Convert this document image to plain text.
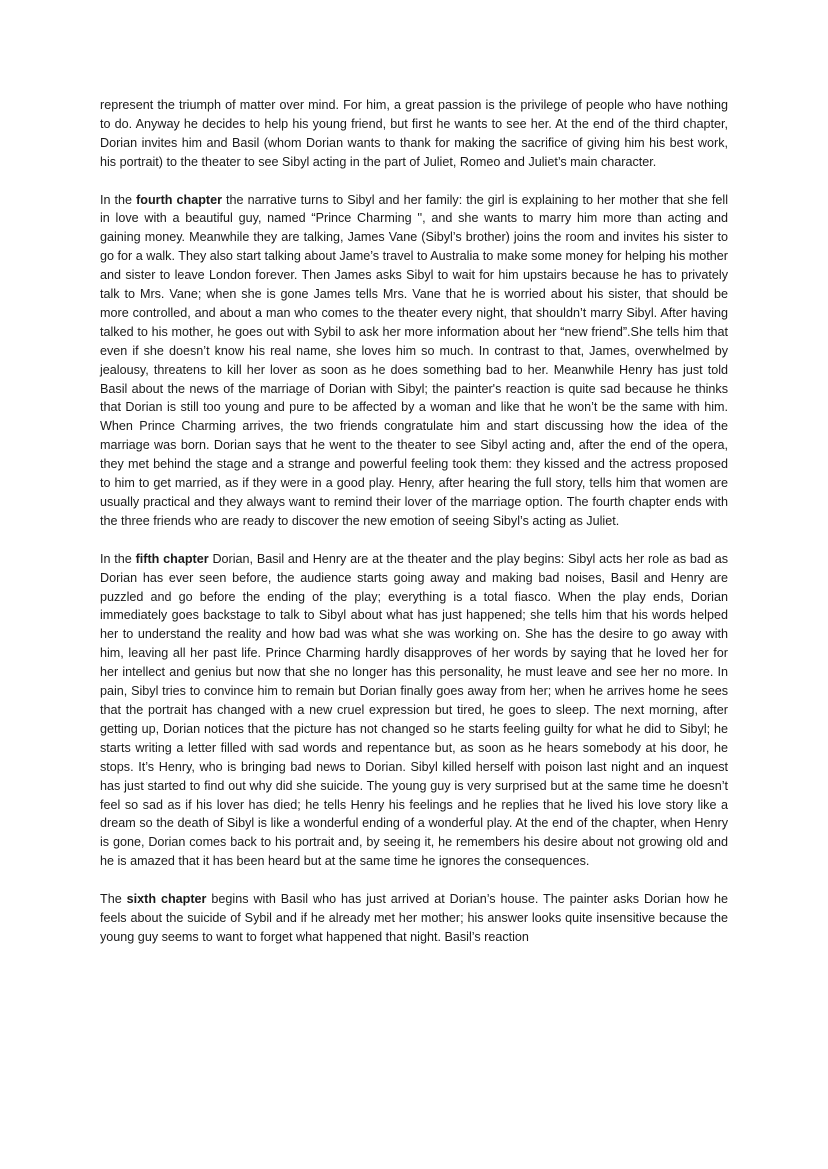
represent the triumph of matter over mind. For him, a great passion is the privilege of people who have nothing to do. Anyway he decides to help his young friend, but first he wants to see her. At the end of the third chapter, Dorian invites him and Basil (whom Dorian wants to thank for making the sacrifice of giving him his best work, his portrait) to the theater to see Sibyl acting in the part of Juliet, Romeo and Juliet’s main character.

In the fourth chapter the narrative turns to Sibyl and her family: the girl is explaining to her mother that she fell in love with a beautiful guy, named “Prince Charming '', and she wants to marry him more than acting and gaining money. Meanwhile they are talking, James Vane (Sibyl’s brother) joins the room and invites his sister to go for a walk. They also start talking about Jame’s travel to Australia to make some money for helping his mother and sister to leave London forever. Then James asks Sibyl to wait for him upstairs because he has to privately talk to Mrs. Vane; when she is gone James tells Mrs. Vane that he is worried about his sister, that should be more controlled, and about a man who comes to the theater every night, that shouldn’t marry Sibyl. After having talked to his mother, he goes out with Sybil to ask her more information about her “new friend”.She tells him that even if she doesn’t know his real name, she loves him so much. In contrast to that, James, overwhelmed by jealousy, threatens to kill her lover as soon as he does something bad to her. Meanwhile Henry has just told Basil about the news of the marriage of Dorian with Sibyl; the painter's reaction is quite sad because he thinks that Dorian is still too young and pure to be affected by a woman and like that he won’t be the same with him. When Prince Charming arrives, the two friends congratulate him and start discussing how the idea of the marriage was born. Dorian says that he went to the theater to see Sibyl acting and, after the end of the opera, they met behind the stage and a strange and powerful feeling took them: they kissed and the actress proposed to him to get married, as if they were in a good play. Henry, after hearing the full story, tells him that women are usually practical and they always want to remind their lover of the marriage option. The fourth chapter ends with the three friends who are ready to discover the new emotion of seeing Sibyl’s acting as Juliet.

In the fifth chapter Dorian, Basil and Henry are at the theater and the play begins: Sibyl acts her role as bad as Dorian has ever seen before, the audience starts going away and making bad noises, Basil and Henry are puzzled and go before the ending of the play; everything is a total fiasco. When the play ends, Dorian immediately goes backstage to talk to Sibyl about what has just happened; she tells him that his words helped her to understand the reality and how bad was what she was working on. She has the desire to go away with him, leaving all her past life. Prince Charming hardly disapproves of her words by saying that he loved her for her intellect and genius but now that she no longer has this personality, he must leave and see her no more. In pain, Sibyl tries to convince him to remain but Dorian finally goes away from her; when he arrives home he sees that the portrait has changed with a new cruel expression but tired, he goes to sleep. The next morning, after getting up, Dorian notices that the picture has not changed so he starts feeling guilty for what he did to Sibyl; he starts writing a letter filled with sad words and repentance but, as soon as he hears somebody at his door, he stops. It’s Henry, who is bringing bad news to Dorian. Sibyl killed herself with poison last night and an inquest has just started to find out why did she suicide. The young guy is very surprised but at the same time he doesn’t feel so sad as if his lover has died; he tells Henry his feelings and he replies that he lived his love story like a dream so the death of Sibyl is like a wonderful ending of a wonderful play. At the end of the chapter, when Henry is gone, Dorian comes back to his portrait and, by seeing it, he remembers his desire about not growing old and he is amazed that it has been heard but at the same time he ignores the consequences.

The sixth chapter begins with Basil who has just arrived at Dorian’s house. The painter asks Dorian how he feels about the suicide of Sybil and if he already met her mother; his answer looks quite insensitive because the young guy seems to want to forget what happened that night. Basil’s reaction
